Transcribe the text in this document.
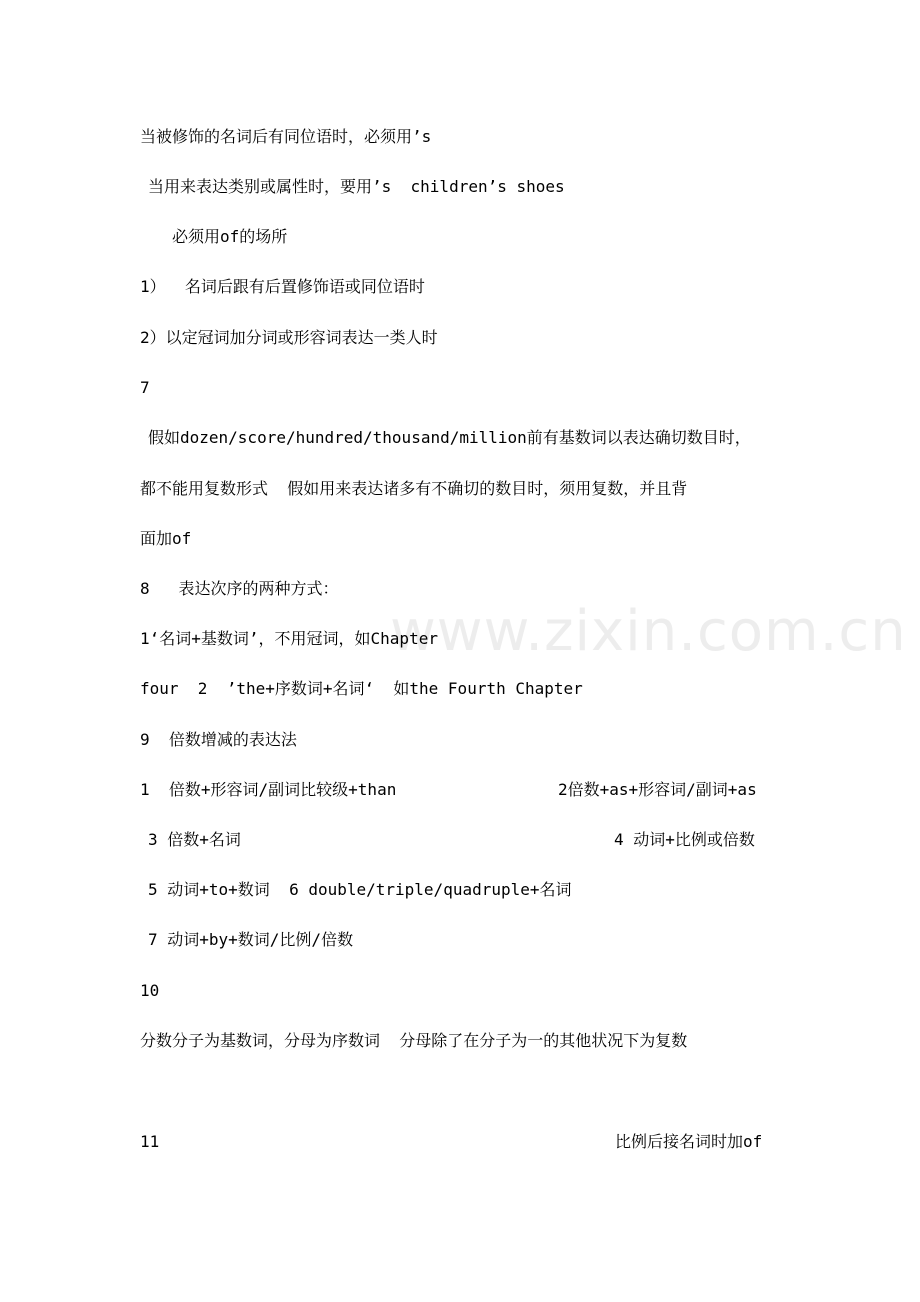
www.zixin.com.cn
当被修饰的名词后有同位语时，必须用’s
当用来表达类别或属性时，要用’s  children’s shoes
必须用of的场所
1）  名词后跟有后置修饰语或同位语时
2）以定冠词加分词或形容词表达一类人时
7
假如dozen/score/hundred/thousand/million前有基数词以表达确切数目时，
都不能用复数形式  假如用来表达诸多有不确切的数目时，须用复数，并且背
面加of
8   表达次序的两种方式：
1‘名词+基数词’，不用冠词，如Chapter
four  2  ’the+序数词+名词‘  如the Fourth Chapter
9  倍数增减的表达法
1  倍数+形容词/副词比较级+than	2倍数+as+形容词/副词+as
3 倍数+名词	4 动词+比例或倍数
5 动词+to+数词  6 double/triple/quadruple+名词
7 动词+by+数词/比例/倍数
10
分数分子为基数词，分母为序数词  分母除了在分子为一的其他状况下为复数
11	比例后接名词时加of
